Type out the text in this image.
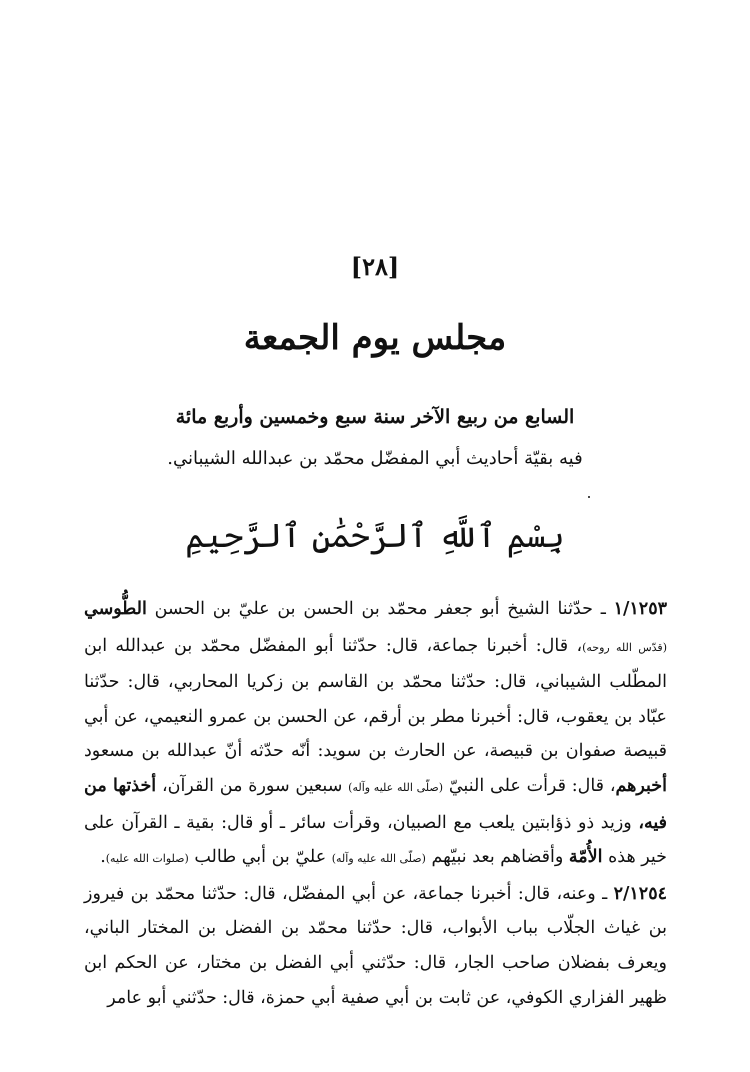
[٢٨]
مجلس يوم الجمعة
السابع من ربيع الآخر سنة سبع وخمسين وأربع مائة
فيه بقيّة أحاديث أبي المفضّل محمّد بن عبدالله الشيباني.
بِسْمِ ٱللَّهِ ٱلرَّحْمَٰنِ ٱلرَّحِيمِ

١/١٢٥٣ ـ حدّثنا الشيخ أبو جعفر محمّد بن الحسن بن عليّ بن الحسن الطُّوسي (قدّس الله روحه)، قال: أخبرنا جماعة، قال: حدّثنا أبو المفضّل محمّد بن عبدالله ابن المطّلب الشيباني، قال: حدّثنا محمّد بن القاسم بن زكريا المحاربي، قال: حدّثنا عبّاد بن يعقوب، قال: أخبرنا مطر بن أرقم، عن الحسن بن عمرو النعيمي، عن أبي قبيصة صفوان بن قبيصة، عن الحارث بن سويد: أنّه حدّثه أنّ عبدالله بن مسعود أخبرهم، قال: قرأت على النبيّ (صلّى الله عليه وآله) سبعين سورة من القرآن، أخذتها من فيه، وزيد ذو ذؤابتين يلعب مع الصبيان، وقرأت سائر ـ أو قال: بقية ـ القرآن على خير هذه الأُمّة وأقضاهم بعد نبيّهم (صلّى الله عليه وآله) عليّ بن أبي طالب (صلوات الله عليه).

٢/١٢٥٤ ـ وعنه، قال: أخبرنا جماعة، عن أبي المفضّل، قال: حدّثنا محمّد بن فيروز بن غياث الجلّاب بباب الأبواب، قال: حدّثنا محمّد بن الفضل بن المختار الباني، ويعرف بفضلان صاحب الجار، قال: حدّثني أبي الفضل بن مختار، عن الحكم ابن ظهير الفزاري الكوفي، عن ثابت بن أبي صفية أبي حمزة، قال: حدّثني أبو عامر
